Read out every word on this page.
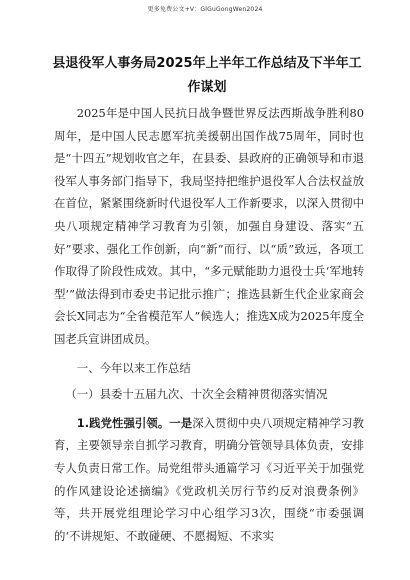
更多免费公文+V：GlGuGongWen2024
县退役军人事务局2025年上半年工作总结及下半年工作谋划

2025年是中国人民抗日战争暨世界反法西斯战争胜利80周年，是中国人民志愿军抗美援朝出国作战75周年，同时也是“十四五”规划收官之年，在县委、县政府的正确领导和市退役军人事务部门指导下，我局坚持把维护退役军人合法权益放在首位，紧紧围绕新时代退役军人工作新要求，以深入贯彻中央八项规定精神学习教育为引领，加强自身建设、落实“五好”要求、强化工作创新，向“新”而行、以“质”致远，各项工作取得了阶段性成效。其中，“多元赋能助力退役士兵‘军地转型’”做法得到市委史书记批示推广；推选县新生代企业家商会会长X同志为“全省模范军人”候选人；推选X成为2025年度全国老兵宣讲团成员。

一、今年以来工作总结

（一）县委十五届九次、十次全会精神贯彻落实情况

1.践党性强引领。一是深入贯彻中央八项规定精神学习教育，主要领导亲自抓学习教育，明确分管领导具体负责，安排专人负责日常工作。局党组带头通篇学习《习近平关于加强党的作风建设论述摘编》《党政机关厉行节约反对浪费条例》等，共开展党组理论学习中心组学习3次，围绕“市委强调的‘不讲规矩、不敢碰硬、不愿揭短、不求实
